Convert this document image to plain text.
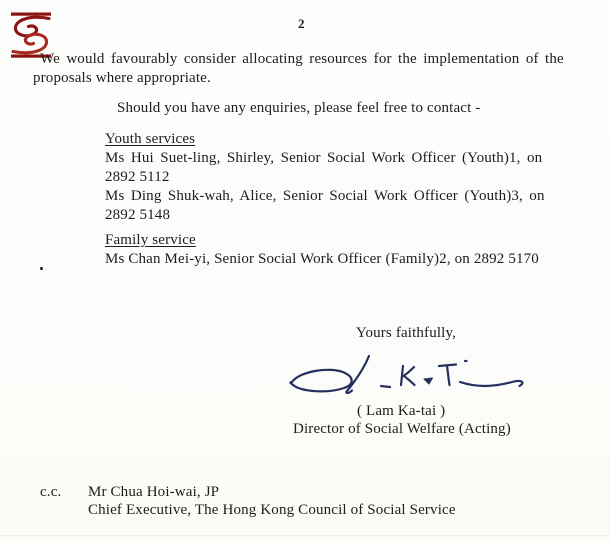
2
We would favourably consider allocating resources for the implementation of the
proposals where appropriate.
Should you have any enquiries, please feel free to contact -
Youth services
Ms Hui Suet-ling, Shirley, Senior Social Work Officer (Youth)1, on
2892 5112
Ms Ding Shuk-wah, Alice, Senior Social Work Officer (Youth)3, on
2892 5148
Family service
Ms Chan Mei-yi, Senior Social Work Officer (Family)2, on 2892 5170
Yours faithfully,
( Lam Ka-tai )
Director of Social Welfare (Acting)
c.c. Mr Chua Hoi-wai, JP
Chief Executive, The Hong Kong Council of Social Service
